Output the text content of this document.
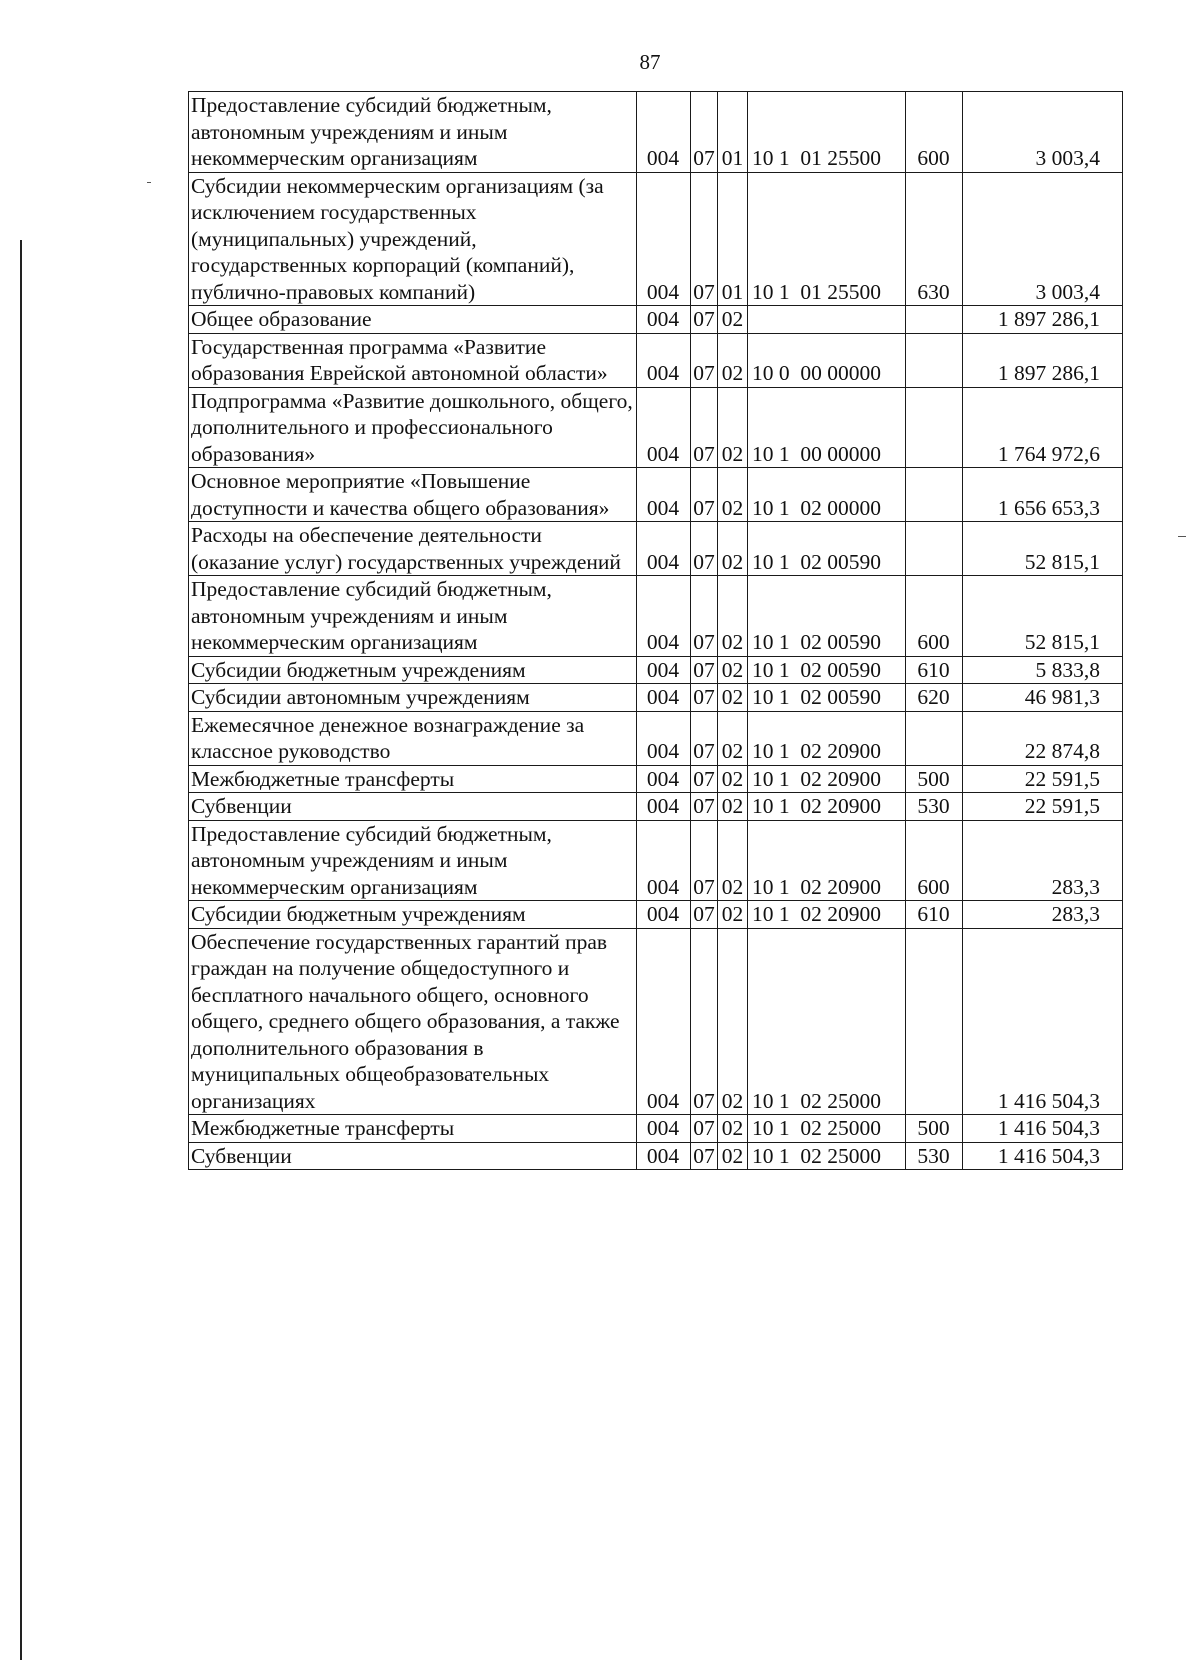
87
Предоставление субсидий бюджетным, автономным учреждениям и иным некоммерческим организациям	004	07	01	10 1  01 25500	600	3 003,4
Субсидии некоммерческим организациям (за исключением государственных (муниципальных) учреждений, государственных корпораций (компаний), публично-правовых компаний)	004	07	01	10 1  01 25500	630	3 003,4
Общее образование	004	07	02			1 897 286,1
Государственная программа «Развитие образования Еврейской автономной области»	004	07	02	10 0  00 00000		1 897 286,1
Подпрограмма «Развитие дошкольного, общего, дополнительного и профессионального образования»	004	07	02	10 1  00 00000		1 764 972,6
Основное мероприятие «Повышение доступности и качества общего образования»	004	07	02	10 1  02 00000		1 656 653,3
Расходы на обеспечение деятельности (оказание услуг) государственных учреждений	004	07	02	10 1  02 00590		52 815,1
Предоставление субсидий бюджетным, автономным учреждениям и иным некоммерческим организациям	004	07	02	10 1  02 00590	600	52 815,1
Субсидии бюджетным учреждениям	004	07	02	10 1  02 00590	610	5 833,8
Субсидии автономным учреждениям	004	07	02	10 1  02 00590	620	46 981,3
Ежемесячное денежное вознаграждение за классное руководство	004	07	02	10 1  02 20900		22 874,8
Межбюджетные трансферты	004	07	02	10 1  02 20900	500	22 591,5
Субвенции	004	07	02	10 1  02 20900	530	22 591,5
Предоставление субсидий бюджетным, автономным учреждениям и иным некоммерческим организациям	004	07	02	10 1  02 20900	600	283,3
Субсидии бюджетным учреждениям	004	07	02	10 1  02 20900	610	283,3
Обеспечение государственных гарантий прав граждан на получение общедоступного и бесплатного начального общего, основного общего, среднего общего образования, а также дополнительного образования в муниципальных общеобразовательных организациях	004	07	02	10 1  02 25000		1 416 504,3
Межбюджетные трансферты	004	07	02	10 1  02 25000	500	1 416 504,3
Субвенции	004	07	02	10 1  02 25000	530	1 416 504,3
